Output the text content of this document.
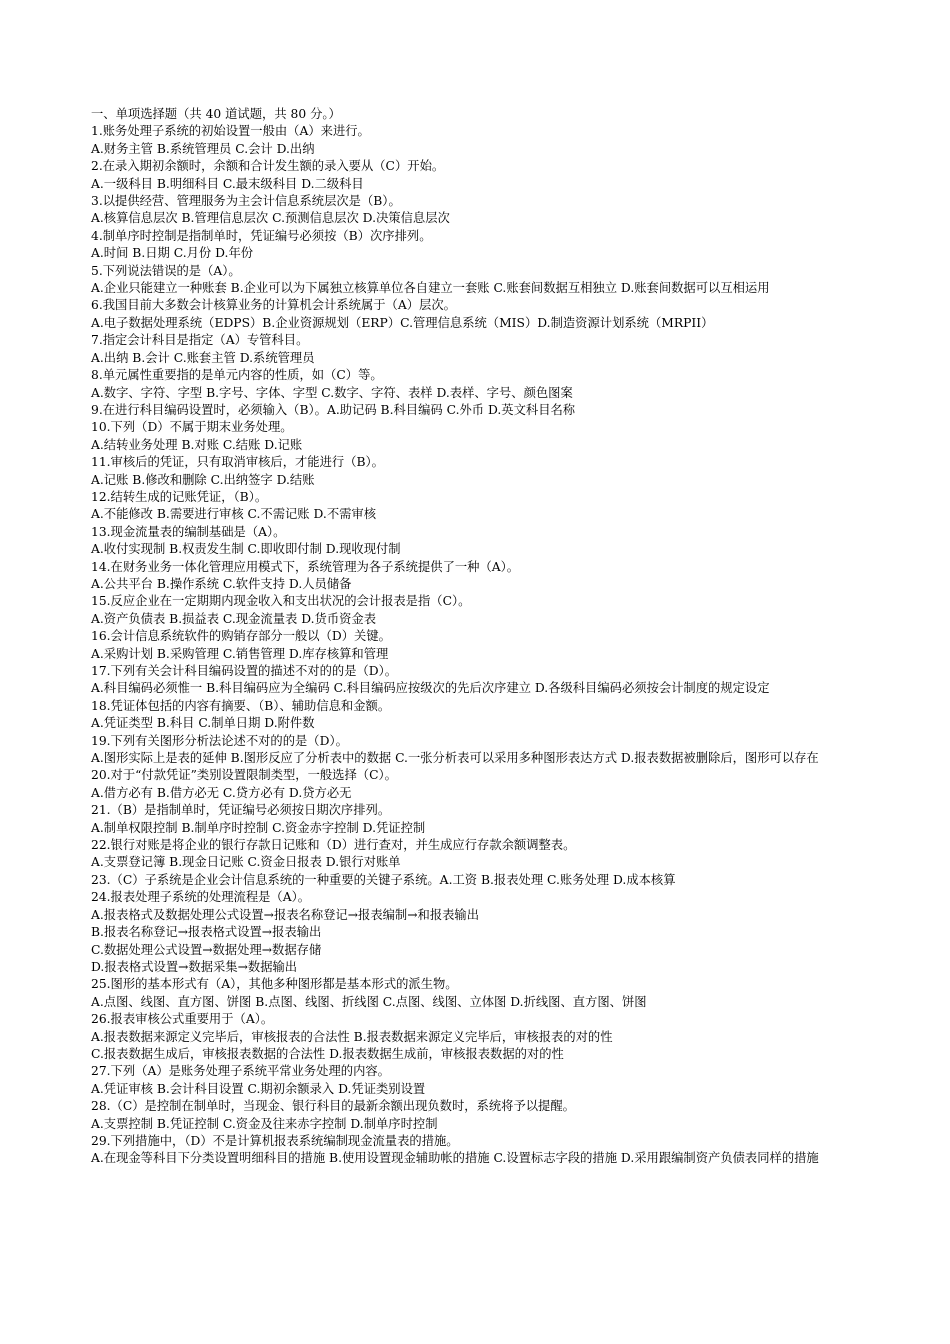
一、单项选择题（共 40 道试题，共 80 分。）
1.账务处理子系统的初始设置一般由（A）来进行。
A.财务主管 B.系统管理员 C.会计 D.出纳
2.在录入期初余额时，余额和合计发生额的录入要从（C）开始。
A.一级科目 B.明细科目 C.最末级科目 D.二级科目
3.以提供经营、管理服务为主会计信息系统层次是（B）。
A.核算信息层次 B.管理信息层次 C.预测信息层次 D.决策信息层次
4.制单序时控制是指制单时，凭证编号必须按（B）次序排列。
A.时间 B.日期 C.月份 D.年份
5.下列说法错误的是（A）。
A.企业只能建立一种账套 B.企业可以为下属独立核算单位各自建立一套账 C.账套间数据互相独立 D.账套间数据可以互相运用
6.我国目前大多数会计核算业务的计算机会计系统属于（A）层次。
A.电子数据处理系统（EDPS）B.企业资源规划（ERP）C.管理信息系统（MIS）D.制造资源计划系统（MRPII）
7.指定会计科目是指定（A）专管科目。
A.出纳 B.会计 C.账套主管 D.系统管理员
8.单元属性重要指的是单元内容的性质，如（C）等。
A.数字、字符、字型 B.字号、字体、字型 C.数字、字符、表样 D.表样、字号、颜色图案
9.在进行科目编码设置时，必须输入（B）。A.助记码 B.科目编码 C.外币 D.英文科目名称
10.下列（D）不属于期末业务处理。
A.结转业务处理 B.对账 C.结账 D.记账
11.审核后的凭证，只有取消审核后，才能进行（B）。
A.记账 B.修改和删除 C.出纳签字 D.结账
12.结转生成的记账凭证，（B）。
A.不能修改 B.需要进行审核 C.不需记账 D.不需审核
13.现金流量表的编制基础是（A）。
A.收付实现制 B.权责发生制 C.即收即付制 D.现收现付制
14.在财务业务一体化管理应用模式下，系统管理为各子系统提供了一种（A）。
A.公共平台 B.操作系统 C.软件支持 D.人员储备
15.反应企业在一定期期内现金收入和支出状况的会计报表是指（C）。
A.资产负债表 B.损益表 C.现金流量表 D.货币资金表
16.会计信息系统软件的购销存部分一般以（D）关键。
A.采购计划 B.采购管理 C.销售管理 D.库存核算和管理
17.下列有关会计科目编码设置的描述不对的的是（D）。
A.科目编码必须惟一 B.科目编码应为全编码 C.科目编码应按级次的先后次序建立 D.各级科目编码必须按会计制度的规定设定
18.凭证体包括的内容有摘要、（B）、辅助信息和金额。
A.凭证类型 B.科目 C.制单日期 D.附件数
19.下列有关图形分析法论述不对的的是（D）。
A.图形实际上是表的延伸 B.图形反应了分析表中的数据 C.一张分析表可以采用多种图形表达方式 D.报表数据被删除后，图形可以存在
20.对于“付款凭证”类别设置限制类型，一般选择（C）。
A.借方必有 B.借方必无 C.贷方必有 D.贷方必无
21.（B）是指制单时，凭证编号必须按日期次序排列。
A.制单权限控制 B.制单序时控制 C.资金赤字控制 D.凭证控制
22.银行对账是将企业的银行存款日记账和（D）进行查对，并生成应行存款余额调整表。
A.支票登记簿 B.现金日记账 C.资金日报表 D.银行对账单
23.（C）子系统是企业会计信息系统的一种重要的关键子系统。A.工资 B.报表处理 C.账务处理 D.成本核算
24.报表处理子系统的处理流程是（A）。
A.报表格式及数据处理公式设置→报表名称登记→报表编制→和报表输出
B.报表名称登记→报表格式设置→报表输出
C.数据处理公式设置→数据处理→数据存储
D.报表格式设置→数据采集→数据输出
25.图形的基本形式有（A），其他多种图形都是基本形式的派生物。
A.点图、线图、直方图、饼图 B.点图、线图、折线图 C.点图、线图、立体图 D.折线图、直方图、饼图
26.报表审核公式重要用于（A）。
A.报表数据来源定义完毕后，审核报表的合法性 B.报表数据来源定义完毕后，审核报表的对的性
C.报表数据生成后，审核报表数据的合法性 D.报表数据生成前，审核报表数据的对的性
27.下列（A）是账务处理子系统平常业务处理的内容。
A.凭证审核 B.会计科目设置 C.期初余额录入 D.凭证类别设置
28.（C）是控制在制单时，当现金、银行科目的最新余额出现负数时，系统将予以提醒。
A.支票控制 B.凭证控制 C.资金及往来赤字控制 D.制单序时控制
29.下列措施中，（D）不是计算机报表系统编制现金流量表的措施。
A.在现金等科目下分类设置明细科目的措施 B.使用设置现金辅助帐的措施 C.设置标志字段的措施 D.采用跟编制资产负债表同样的措施
